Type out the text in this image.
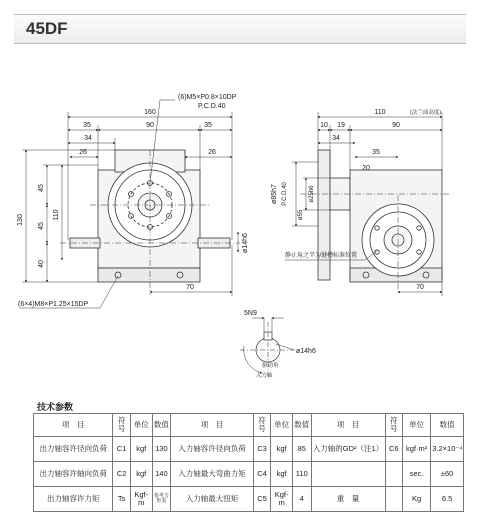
45DF
160
35	90	35
34
26
26
130
45
110
45
40
70
ø14h6
(6)M5×P0.8×10DP
P.C.D.40
(6×4)M8×P1.25×15DP
110	(法兰面高度)
10 19	90
34
35
20
70
ø85h7 P.C.D.40
ø55
ø25h6
静止角之半为键槽标准位置
5N9
ø14h6
驱动角
入力轴
技术参数
项　目	符号	单位	数值	项　目	符号	单位	数值	项　目	符号	单位	数值
出力轴容许径向负荷	C1	kgf	130	入力轴容许径向负荷	C3	kgf	85	入力轴的GD²（注1）	C6	kgf·m²	3.2×10⁻⁴
出力轴容许轴向负荷	C2	kgf	140	入力轴最大弯曲力矩	C4	kgf	110			sec.	±60
出力轴容许力矩	Ts	Kgf-m	参考力矩表	入力轴最大扭矩	C5	Kgf-m	4	重　量		Kg	6.5
